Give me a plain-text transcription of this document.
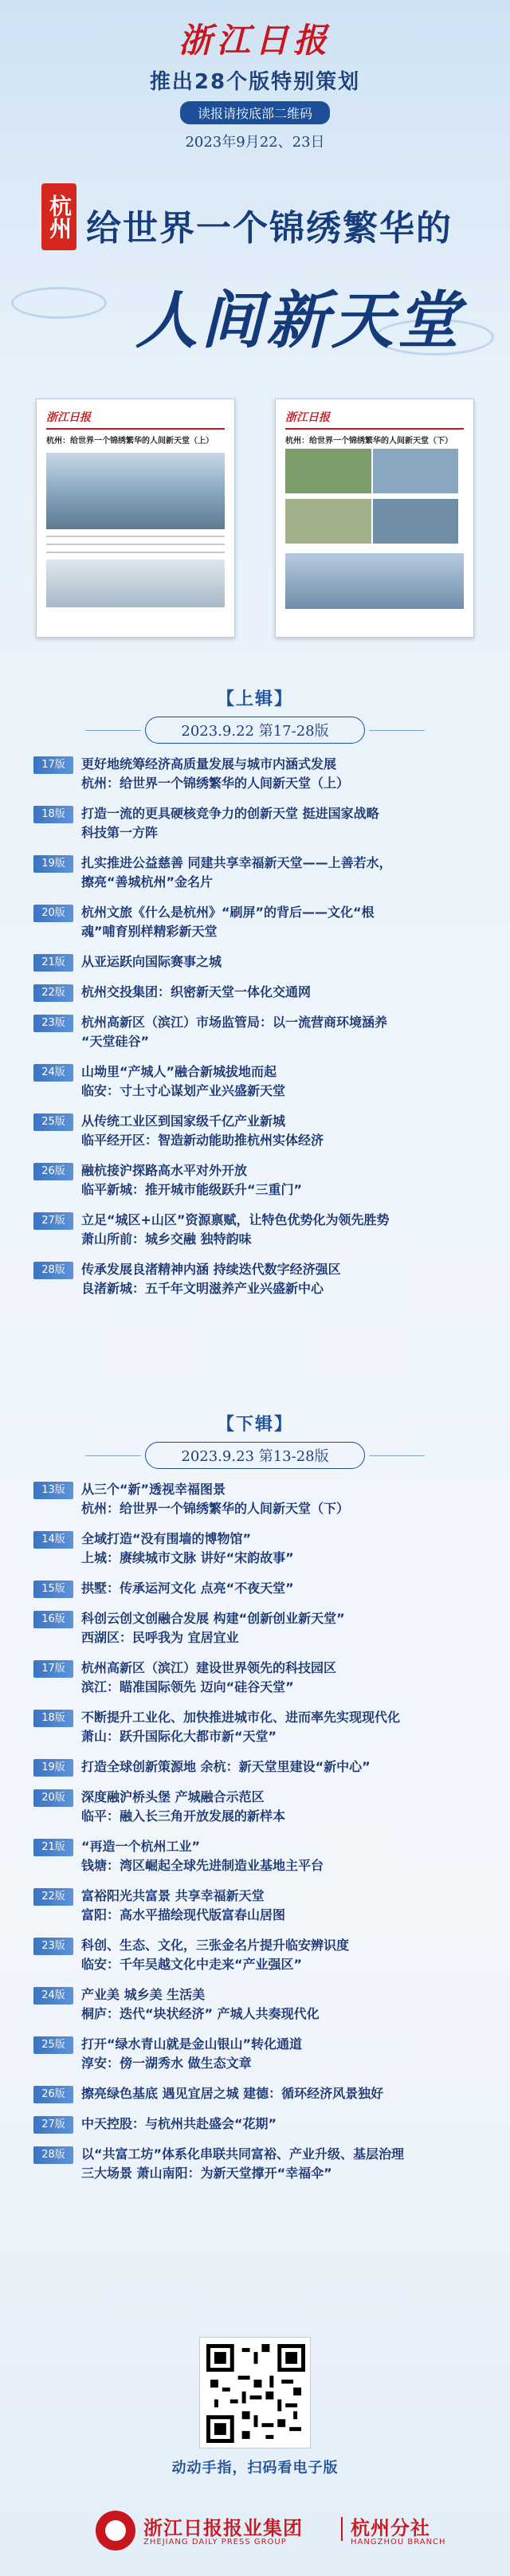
浙江日报
推出28个版特别策划
读报请按底部二维码
2023年9月22、23日
杭州 给世界一个锦绣繁华的
人间新天堂
浙江日报
杭州：给世界一个锦绣繁华的人间新天堂（上）
浙江日报
杭州：给世界一个锦绣繁华的人间新天堂（下）

【上辑】
2023.9.22 第17-28版
17版	更好地统筹经济高质量发展与城市内涵式发展
杭州：给世界一个锦绣繁华的人间新天堂（上）
18版	打造一流的更具硬核竞争力的创新天堂 挺进国家战略
科技第一方阵
19版	扎实推进公益慈善 同建共享幸福新天堂——上善若水，
擦亮“善城杭州”金名片
20版	杭州文旅《什么是杭州》“刷屏”的背后——文化“根
魂”哺育别样精彩新天堂
21版	从亚运跃向国际赛事之城
22版	杭州交投集团：织密新天堂一体化交通网
23版	杭州高新区（滨江）市场监管局：以一流营商环境涵养
“天堂硅谷”
24版	山坳里“产城人”融合新城拔地而起
临安：寸土寸心谋划产业兴盛新天堂
25版	从传统工业区到国家级千亿产业新城
临平经开区：智造新动能助推杭州实体经济
26版	融杭接沪探路高水平对外开放
临平新城：推开城市能级跃升“三重门”
27版	立足“城区+山区”资源禀赋，让特色优势化为领先胜势
萧山所前：城乡交融 独特韵味
28版	传承发展良渚精神内涵 持续迭代数字经济强区
良渚新城：五千年文明滋养产业兴盛新中心
【下辑】
2023.9.23 第13-28版
13版	从三个“新”透视幸福图景
杭州：给世界一个锦绣繁华的人间新天堂（下）
14版	全域打造“没有围墙的博物馆”
上城：赓续城市文脉 讲好“宋韵故事”
15版	拱墅：传承运河文化 点亮“不夜天堂”
16版	科创云创文创融合发展 构建“创新创业新天堂”
西湖区：民呼我为 宜居宜业
17版	杭州高新区（滨江）建设世界领先的科技园区
滨江：瞄准国际领先 迈向“硅谷天堂”
18版	不断提升工业化、加快推进城市化、进而率先实现现代化
萧山：跃升国际化大都市新“天堂”
19版	打造全球创新策源地 余杭：新天堂里建设“新中心”
20版	深度融沪桥头堡 产城融合示范区
临平：融入长三角开放发展的新样本
21版	“再造一个杭州工业”
钱塘：湾区崛起全球先进制造业基地主平台
22版	富裕阳光共富景 共享幸福新天堂
富阳：高水平描绘现代版富春山居图
23版	科创、生态、文化，三张金名片提升临安辨识度
临安：千年吴越文化中走来“产业强区”
24版	产业美 城乡美 生活美
桐庐：迭代“块状经济” 产城人共奏现代化
25版	打开“绿水青山就是金山银山”转化通道
淳安：傍一湖秀水 做生态文章
26版	擦亮绿色基底 遇见宜居之城 建德：循环经济风景独好
27版	中天控股：与杭州共赴盛会“花期”
28版	以“共富工坊”体系化串联共同富裕、产业升级、基层治理
三大场景 萧山南阳：为新天堂撑开“幸福伞”
动动手指，扫码看电子版
浙江日报报业集团	杭州分社
ZHEJIANG DAILY PRESS GROUP	HANGZHOU BRANCH
